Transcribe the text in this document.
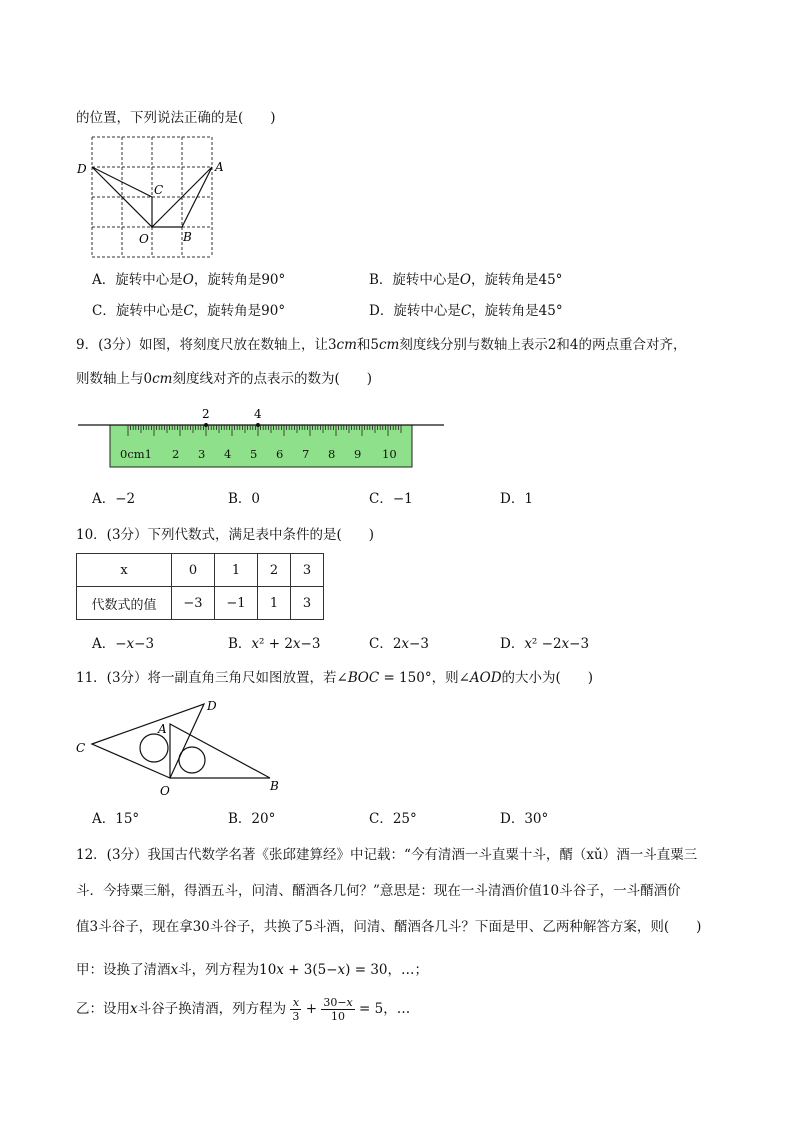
的位置，下列说法正确的是(　　)
D	A
C
O	B
A．旋转中心是𝑂，旋转角是90°	B．旋转中心是𝑂，旋转角是45°
C．旋转中心是𝐶，旋转角是90°	D．旋转中心是𝐶，旋转角是45°
9．(3分）如图，将刻度尺放在数轴上，让3𝑐𝑚和5𝑐𝑚刻度线分别与数轴上表示2和4的两点重合对齐，
则数轴上与0𝑐𝑚刻度线对齐的点表示的数为(　　)
2	4
0cm1 2 3 4 5 6 7 8 9 10
A．−2	B．0	C．−1	D．1
10．(3分）下列代数式，满足表中条件的是(　　)
x	0	1	2	3
代数式的值	−3	−1	1	3
A．−𝑥−3	B．𝑥² + 2𝑥−3	C．2𝑥−3	D．𝑥² −2𝑥−3
11．(3分）将一副直角三角尺如图放置，若∠𝐵𝑂𝐶 = 150°，则∠𝐴𝑂𝐷的大小为(　　)
C
A
D
O	B
A．15°	B．20°	C．25°	D．30°
12．(3分）我国古代数学名著《张邱建算经》中记载：“今有清酒一斗直粟十斗，醑（xǔ）酒一斗直粟三
斗．今持粟三斛，得酒五斗，问清、醑酒各几何？”意思是：现在一斗清酒价值10斗谷子，一斗醑酒价
值3斗谷子，现在拿30斗谷子，共换了5斗酒，问清、醑酒各几斗？下面是甲、乙两种解答方案，则(　　)
甲：设换了清酒𝑥斗，列方程为10𝑥 + 3(5−𝑥) = 30，…；
乙：设用𝑥斗谷子换清酒，列方程为 $\frac{\text{𝑥}}{3} + \frac{\text{30−𝑥}}{10} = 5$，…
